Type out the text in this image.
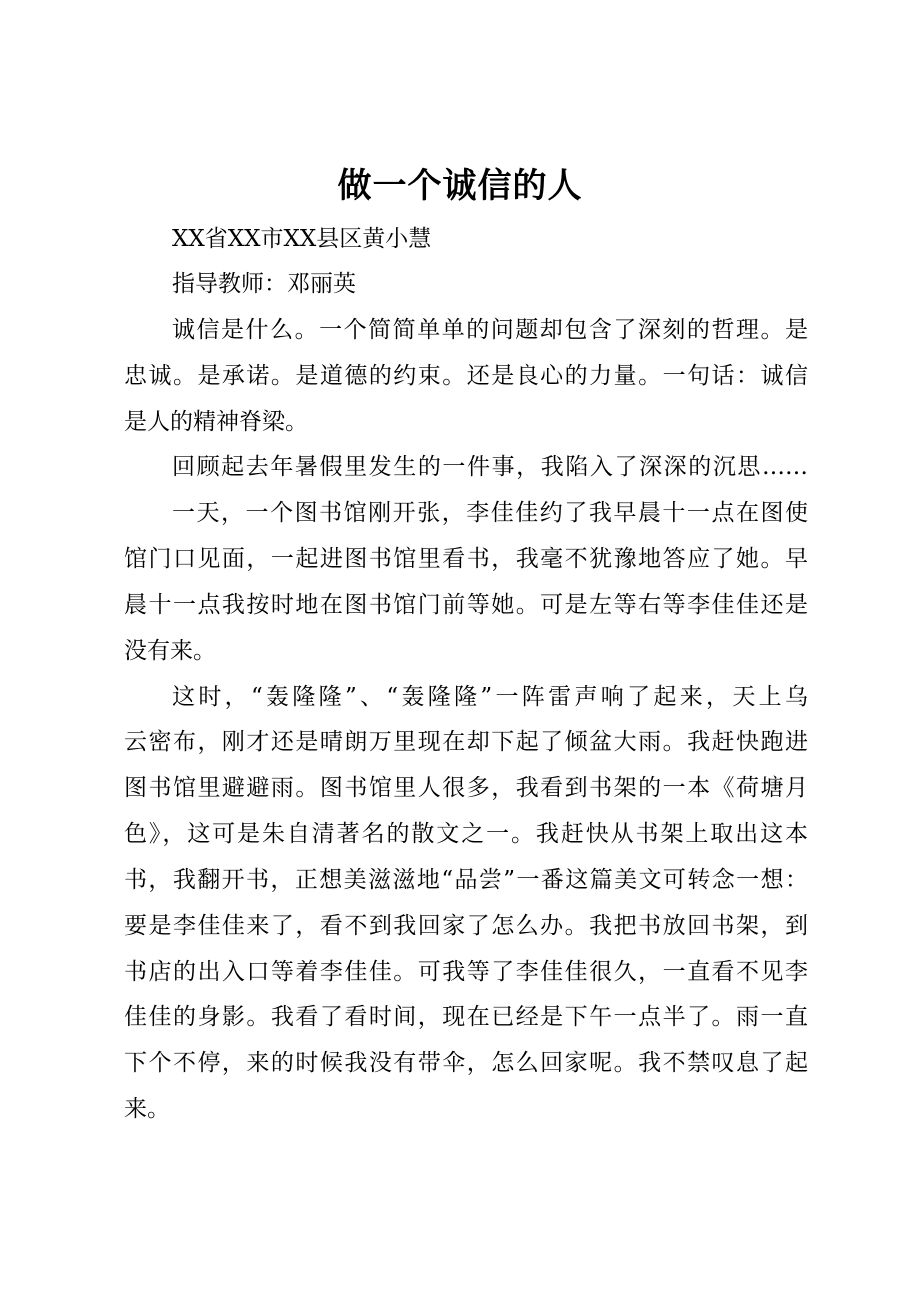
做一个诚信的人
XX省XX市XX县区黄小慧
指导教师：邓丽英
诚信是什么。一个简简单单的问题却包含了深刻的哲理。是
忠诚。是承诺。是道德的约束。还是良心的力量。一句话：诚信
是人的精神脊梁。
回顾起去年暑假里发生的一件事，我陷入了深深的沉思……
一天，一个图书馆刚开张，李佳佳约了我早晨十一点在图使
馆门口见面，一起进图书馆里看书，我毫不犹豫地答应了她。早
晨十一点我按时地在图书馆门前等她。可是左等右等李佳佳还是
没有来。
这时，“轰隆隆”、“轰隆隆”一阵雷声响了起来，天上乌
云密布，刚才还是晴朗万里现在却下起了倾盆大雨。我赶快跑进
图书馆里避避雨。图书馆里人很多，我看到书架的一本《荷塘月
色》，这可是朱自清著名的散文之一。我赶快从书架上取出这本
书，我翻开书，正想美滋滋地“品尝”一番这篇美文可转念一想：
要是李佳佳来了，看不到我回家了怎么办。我把书放回书架，到
书店的出入口等着李佳佳。可我等了李佳佳很久，一直看不见李
佳佳的身影。我看了看时间，现在已经是下午一点半了。雨一直
下个不停，来的时候我没有带伞，怎么回家呢。我不禁叹息了起
来。
